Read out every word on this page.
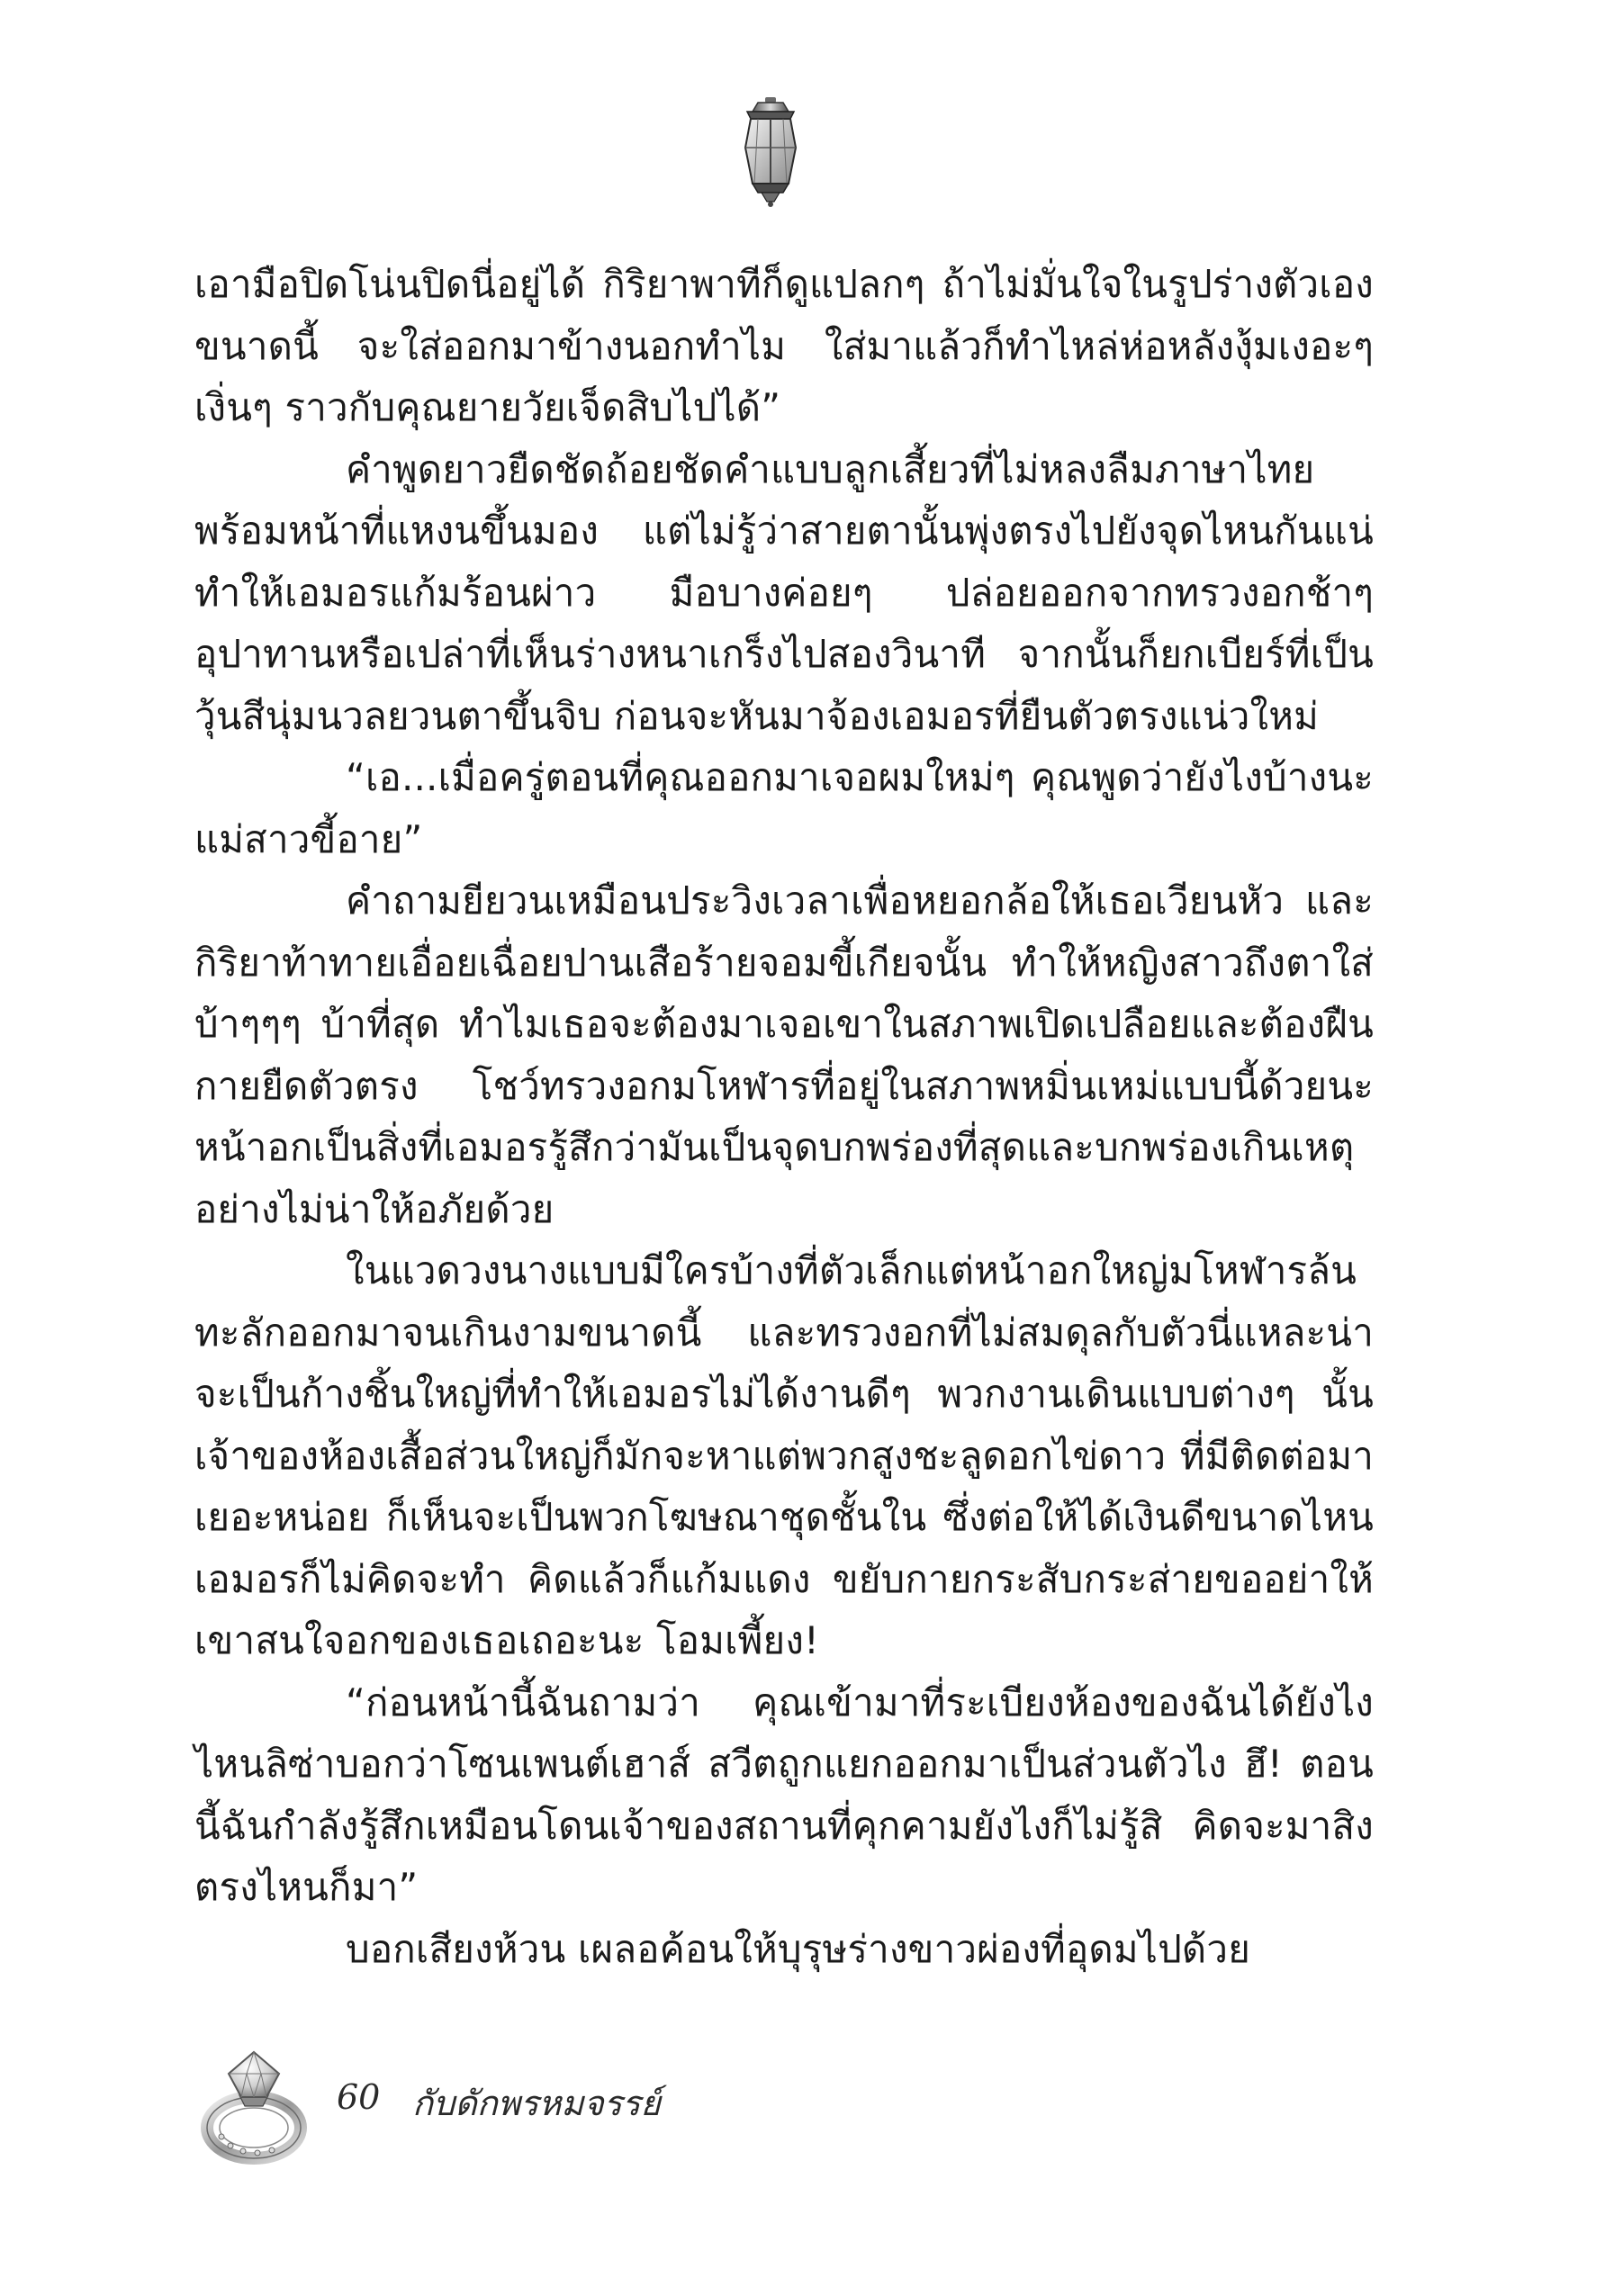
เอามือปิดโน่นปิดนี่อยู่ได้ กิริยาพาทีก็ดูแปลกๆ ถ้าไม่มั่นใจในรูปร่างตัวเองขนาดนี้ จะใส่ออกมาข้างนอกทำไม ใส่มาแล้วก็ทำไหล่ห่อหลังงุ้มเงอะๆ เงิ่นๆ ราวกับคุณยายวัยเจ็ดสิบไปได้”

คำพูดยาวยืดชัดถ้อยชัดคำแบบลูกเสี้ยวที่ไม่หลงลืมภาษาไทย พร้อมหน้าที่แหงนขึ้นมอง แต่ไม่รู้ว่าสายตานั้นพุ่งตรงไปยังจุดไหนกันแน่ ทำให้เอมอรแก้มร้อนผ่าว มือบางค่อยๆ ปล่อยออกจากทรวงอกช้าๆ อุปาทานหรือเปล่าที่เห็นร่างหนาเกร็งไปสองวินาที จากนั้นก็ยกเบียร์ที่เป็นวุ้นสีนุ่มนวลยวนตาขึ้นจิบ ก่อนจะหันมาจ้องเอมอรที่ยืนตัวตรงแน่วใหม่

“เอ...เมื่อครู่ตอนที่คุณออกมาเจอผมใหม่ๆ คุณพูดว่ายังไงบ้างนะแม่สาวขี้อาย”

คำถามยียวนเหมือนประวิงเวลาเพื่อหยอกล้อให้เธอเวียนหัว และกิริยาท้าทายเอื่อยเฉื่อยปานเสือร้ายจอมขี้เกียจนั้น ทำให้หญิงสาวถึงตาใส่ บ้าๆๆๆ บ้าที่สุด ทำไมเธอจะต้องมาเจอเขาในสภาพเปิดเปลือยและต้องฝืนกายยืดตัวตรง โชว์ทรวงอกมโหฬารที่อยู่ในสภาพหมิ่นเหม่แบบนี้ด้วยนะ หน้าอกเป็นสิ่งที่เอมอรรู้สึกว่ามันเป็นจุดบกพร่องที่สุดและบกพร่องเกินเหตุอย่างไม่น่าให้อภัยด้วย

ในแวดวงนางแบบมีใครบ้างที่ตัวเล็กแต่หน้าอกใหญ่มโหฬารล้นทะลักออกมาจนเกินงามขนาดนี้ และทรวงอกที่ไม่สมดุลกับตัวนี่แหละน่าจะเป็นก้างชิ้นใหญ่ที่ทำให้เอมอรไม่ได้งานดีๆ พวกงานเดินแบบต่างๆ นั้นเจ้าของห้องเสื้อส่วนใหญ่ก็มักจะหาแต่พวกสูงชะลูดอกไข่ดาว ที่มีติดต่อมาเยอะหน่อย ก็เห็นจะเป็นพวกโฆษณาชุดชั้นใน ซึ่งต่อให้ได้เงินดีขนาดไหน เอมอรก็ไม่คิดจะทำ คิดแล้วก็แก้มแดง ขยับกายกระสับกระส่ายขออย่าให้เขาสนใจอกของเธอเถอะนะ โอมเพี้ยง!

“ก่อนหน้านี้ฉันถามว่า คุณเข้ามาที่ระเบียงห้องของฉันได้ยังไง ไหนลิซ่าบอกว่าโซนเพนต์เฮาส์ สวีตถูกแยกออกมาเป็นส่วนตัวไง ฮึ! ตอนนี้ฉันกำลังรู้สึกเหมือนโดนเจ้าของสถานที่คุกคามยังไงก็ไม่รู้สิ คิดจะมาสิงตรงไหนก็มา”

บอกเสียงห้วน เผลอค้อนให้บุรุษร่างขาวผ่องที่อุดมไปด้วย

60 กับดักพรหมจรรย์
